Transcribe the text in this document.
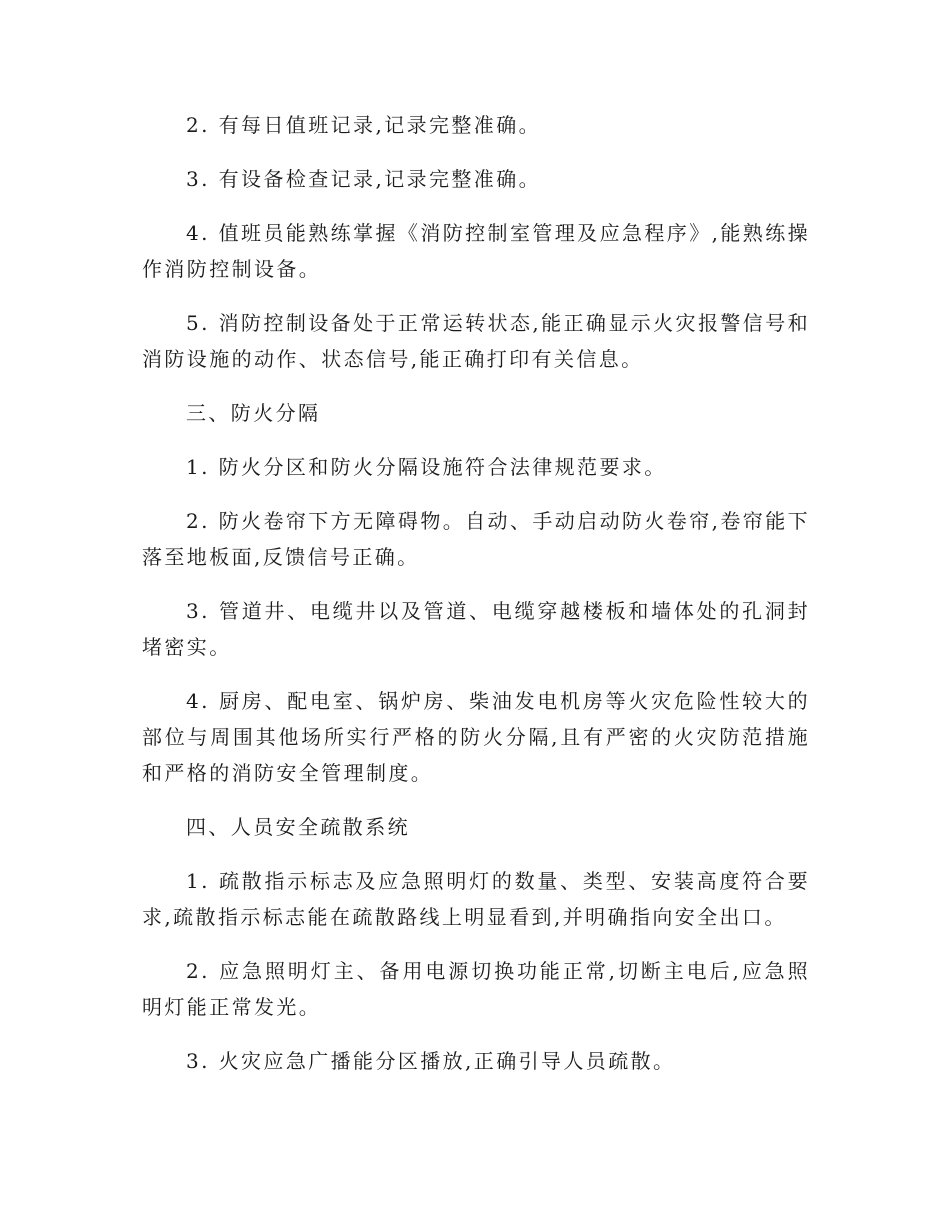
2. 有每日值班记录,记录完整准确。

3. 有设备检查记录,记录完整准确。

4. 值班员能熟练掌握《消防控制室管理及应急程序》,能熟练操作消防控制设备。

5. 消防控制设备处于正常运转状态,能正确显示火灾报警信号和消防设施的动作、状态信号,能正确打印有关信息。

三、防火分隔

1. 防火分区和防火分隔设施符合法律规范要求。

2. 防火卷帘下方无障碍物。自动、手动启动防火卷帘,卷帘能下落至地板面,反馈信号正确。

3. 管道井、电缆井以及管道、电缆穿越楼板和墙体处的孔洞封堵密实。

4. 厨房、配电室、锅炉房、柴油发电机房等火灾危险性较大的部位与周围其他场所实行严格的防火分隔,且有严密的火灾防范措施和严格的消防安全管理制度。

四、人员安全疏散系统

1. 疏散指示标志及应急照明灯的数量、类型、安装高度符合要求,疏散指示标志能在疏散路线上明显看到,并明确指向安全出口。

2. 应急照明灯主、备用电源切换功能正常,切断主电后,应急照明灯能正常发光。

3. 火灾应急广播能分区播放,正确引导人员疏散。
